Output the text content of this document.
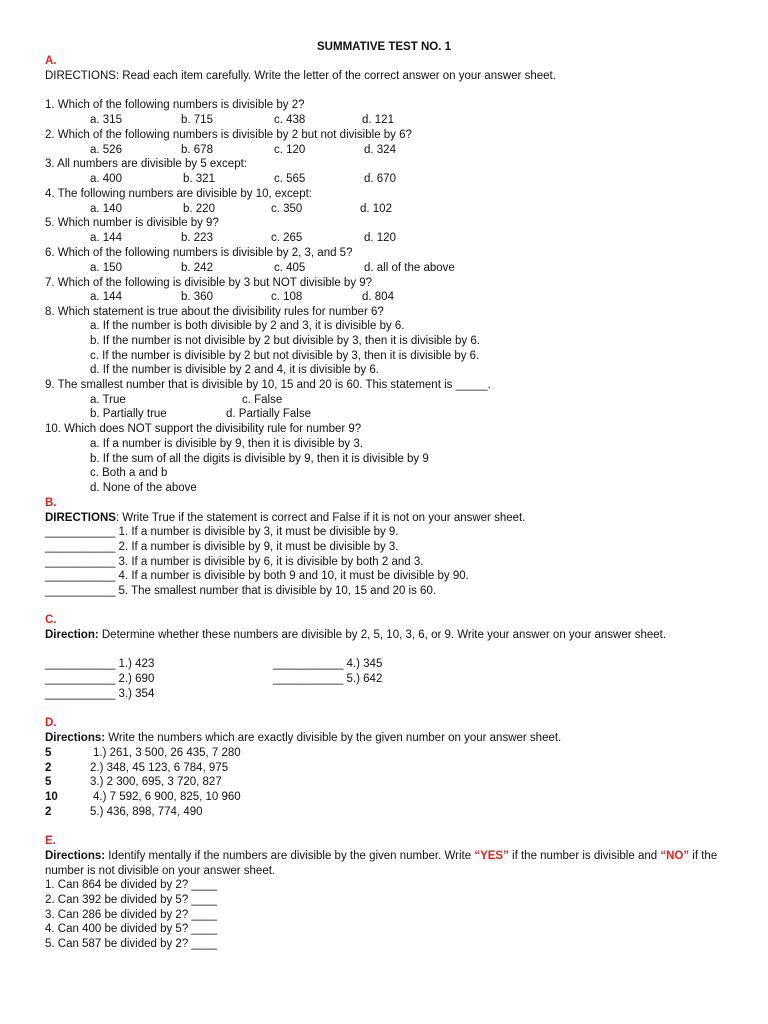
SUMMATIVE TEST NO. 1
A.
DIRECTIONS: Read each item carefully. Write the letter of the correct answer on your answer sheet.
1. Which of the following numbers is divisible by 2?
a. 315	b. 715	c. 438	d. 121
2. Which of the following numbers is divisible by 2 but not divisible by 6?
a. 526	b. 678	c. 120	d. 324
3. All numbers are divisible by 5 except:
a. 400	b. 321	c. 565	d. 670
4. The following numbers are divisible by 10, except:
a. 140	b. 220	c. 350	d. 102
5. Which number is divisible by 9?
a. 144	b. 223	c. 265	d. 120
6. Which of the following numbers is divisible by 2, 3, and 5?
a. 150	b. 242	c. 405	d. all of the above
7. Which of the following is divisible by 3 but NOT divisible by 9?
a. 144	b. 360	c. 108	d. 804
8. Which statement is true about the divisibility rules for number 6?
a. If the number is both divisible by 2 and 3, it is divisible by 6.
b. If the number is not divisible by 2 but divisible by 3, then it is divisible by 6.
c. If the number is divisible by 2 but not divisible by 3, then it is divisible by 6.
d. If the number is divisible by 2 and 4, it is divisible by 6.
9. The smallest number that is divisible by 10, 15 and 20 is 60. This statement is _____.
a. True	c. False
b. Partially true	d. Partially False
10. Which does NOT support the divisibility rule for number 9?
a. If a number is divisible by 9, then it is divisible by 3.
b. If the sum of all the digits is divisible by 9, then it is divisible by 9
c. Both a and b
d. None of the above
B.
DIRECTIONS: Write True if the statement is correct and False if it is not on your answer sheet.
___________ 1. If a number is divisible by 3, it must be divisible by 9.
___________ 2. If a number is divisible by 9, it must be divisible by 3.
___________ 3. If a number is divisible by 6, it is divisible by both 2 and 3.
___________ 4. If a number is divisible by both 9 and 10, it must be divisible by 90.
___________ 5. The smallest number that is divisible by 10, 15 and 20 is 60.
C.
Direction: Determine whether these numbers are divisible by 2, 5, 10, 3, 6, or 9. Write your answer on your answer sheet.
___________ 1.) 423
___________ 2.) 690
___________ 3.) 354
___________ 4.) 345
___________ 5.) 642
D.
Directions: Write the numbers which are exactly divisible by the given number on your answer sheet.
5	1.) 261, 3 500, 26 435, 7 280
2	2.) 348, 45 123, 6 784, 975
5	3.) 2 300, 695, 3 720, 827
10	4.) 7 592, 6 900, 825, 10 960
2	5.) 436, 898, 774, 490
E.
Directions: Identify mentally if the numbers are divisible by the given number. Write “YES” if the number is divisible and “NO” if the number is not divisible on your answer sheet.
1. Can 864 be divided by 2? ____
2. Can 392 be divided by 5? ____
3. Can 286 be divided by 2? ____
4. Can 400 be divided by 5? ____
5. Can 587 be divided by 2? ____
